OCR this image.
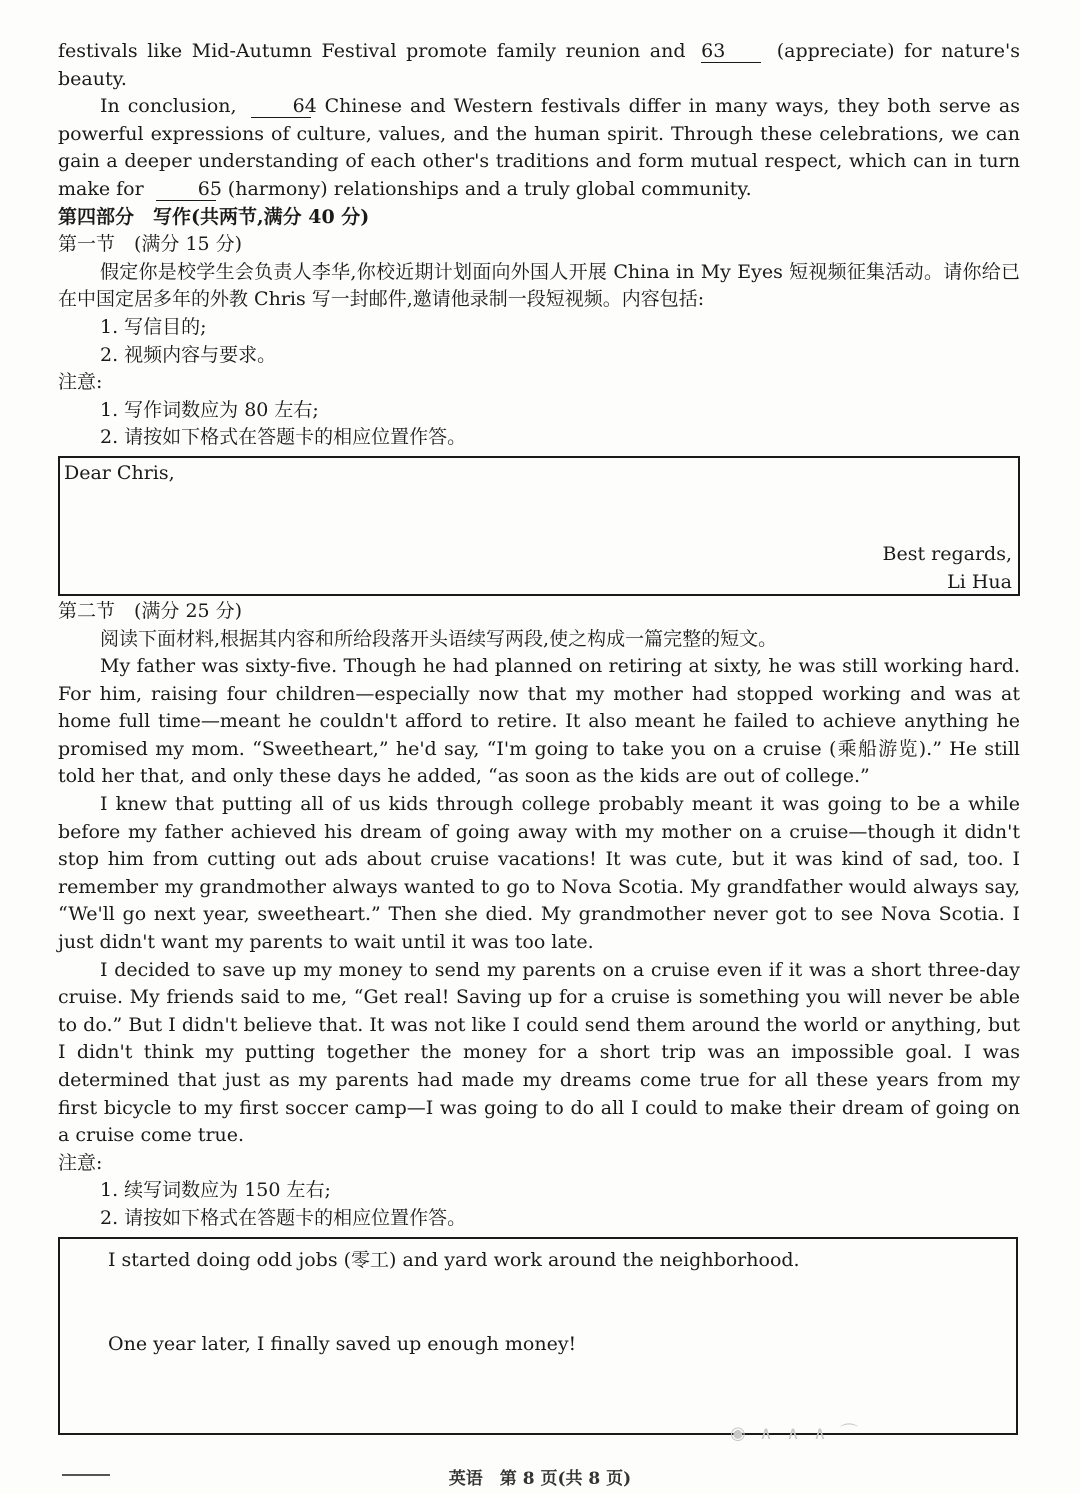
festivals like Mid-Autumn Festival promote family reunion and 63	(appreciate) for nature's beauty.

In conclusion,	64 Chinese and Western festivals differ in many ways, they both serve as powerful expressions of culture, values, and the human spirit. Through these celebrations, we can gain a deeper understanding of each other's traditions and form mutual respect, which can in turn make for	65 (harmony) relationships and a truly global community.

第四部分　写作(共两节,满分 40 分)

第一节　(满分 15 分)

假定你是校学生会负责人李华,你校近期计划面向外国人开展 China in My Eyes 短视频征集活动。请你给已在中国定居多年的外教 Chris 写一封邮件,邀请他录制一段短视频。内容包括:

1. 写信目的;

2. 视频内容与要求。

注意:

1. 写作词数应为 80 左右;

2. 请按如下格式在答题卡的相应位置作答。

Dear Chris,
Best regards,
Li Hua

第二节　(满分 25 分)

阅读下面材料,根据其内容和所给段落开头语续写两段,使之构成一篇完整的短文。

My father was sixty-five. Though he had planned on retiring at sixty, he was still working hard. For him, raising four children—especially now that my mother had stopped working and was at home full time—meant he couldn't afford to retire. It also meant he failed to achieve anything he promised my mom. “Sweetheart,” he'd say, “I'm going to take you on a cruise (乘船游览).” He still told her that, and only these days he added, “as soon as the kids are out of college.”

I knew that putting all of us kids through college probably meant it was going to be a while before my father achieved his dream of going away with my mother on a cruise—though it didn't stop him from cutting out ads about cruise vacations! It was cute, but it was kind of sad, too. I remember my grandmother always wanted to go to Nova Scotia. My grandfather would always say, “We'll go next year, sweetheart.” Then she died. My grandmother never got to see Nova Scotia. I just didn't want my parents to wait until it was too late.

I decided to save up my money to send my parents on a cruise even if it was a short three-day cruise. My friends said to me, “Get real! Saving up for a cruise is something you will never be able to do.” But I didn't believe that. It was not like I could send them around the world or anything, but I didn't think my putting together the money for a short trip was an impossible goal. I was determined that just as my parents had made my dreams come true for all these years from my first bicycle to my first soccer camp—I was going to do all I could to make their dream of going on a cruise come true.

注意:

1. 续写词数应为 150 左右;

2. 请按如下格式在答题卡的相应位置作答。

I started doing odd jobs (零工) and yard work around the neighborhood.
One year later, I finally saved up enough money!
◉ ∧ ∧ ∧ ⌒
英语　第 8 页(共 8 页)
